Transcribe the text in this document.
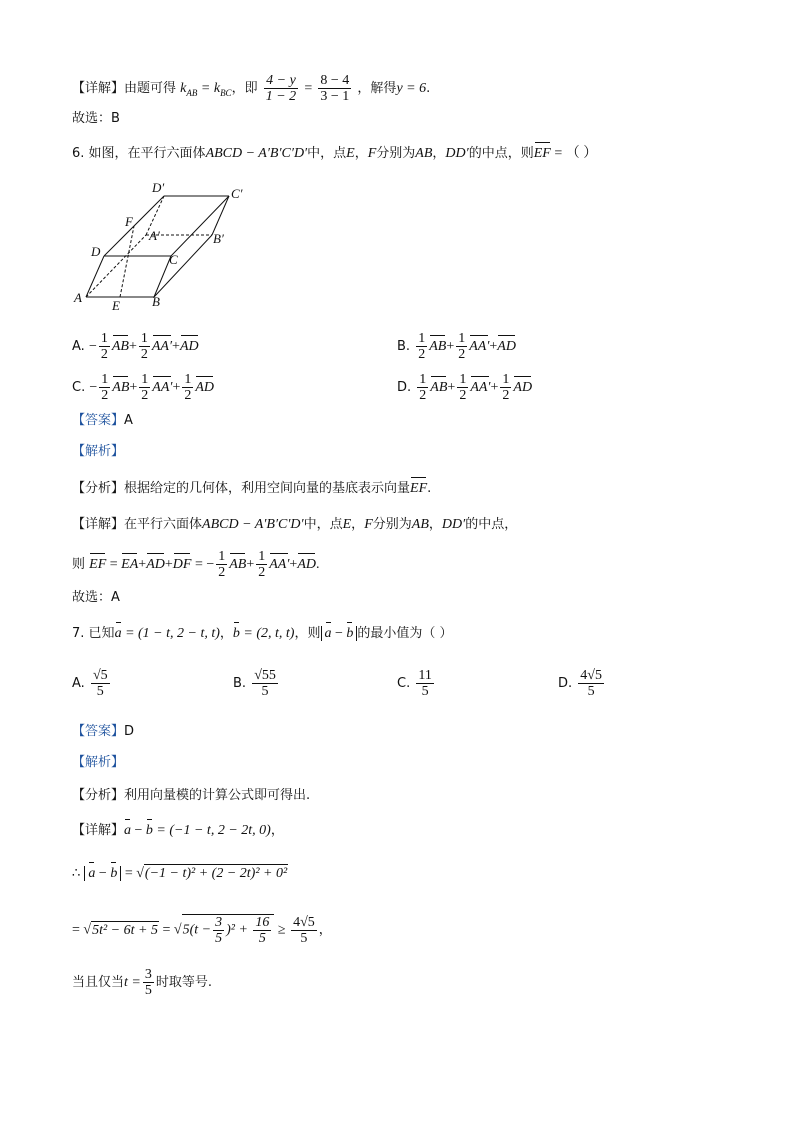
【详解】由题可得 $k_{AB} = k_{BC}$，即 $\frac{4 - y}{1 - 2} = \frac{8 - 4}{3 - 1}$ ，解得y = 6.
故选：B
6. 如图，在平行六面体ABCD − A′B′C′D′中，点E，F分别为AB，DD′的中点，则EF = （ ）
D′	C′
F
A′	B′
D
C
A
E B
A. − $\frac{1}{2} AB+ \frac{1}{2} AA'+AD$	B. $\frac{1}{2} AB+ \frac{1}{2} AA'+AD$
C. − $\frac{1}{2} AB+ \frac{1}{2} AA'+ \frac{1}{2}$ AD	D. $\frac{1}{2} AB+ \frac{1}{2} AA'+ \frac{1}{2}$ AD
【答案】A
【解析】
【分析】根据给定的几何体，利用空间向量的基底表示向量EF.
【详解】在平行六面体ABCD − A′B′C′D′中，点E，F分别为AB，DD′的中点，
则 EF = EA+AD+DF = − $\frac{1}{2} AB+ \frac{1}{2} AA'+AD$.
故选：A
7. 已知a = (1 − t, 2 − t, t)，b = (2, t, t)，则 a − b 的最小值为（ ）
A. $\frac{√5}{5}$	B. $\frac{√55}{5}$	C. $\frac{11}{5}$	D. $\frac{4√5}{5}$
【答案】D
【解析】
【分析】利用向量模的计算公式即可得出.
【详解】a − b = (−1 − t, 2 − 2t, 0)，
∴ a − b = √(−1 − t)² + (2 − 2t)² + 0²
= $√5t^2 - 6t + 5 = √5(t - \frac{3}{5} )^2 + \frac{16}{5} \ge \frac{4√5}{5}$ ，
当且仅当$t = \frac{3}{5}$ 时取等号.
